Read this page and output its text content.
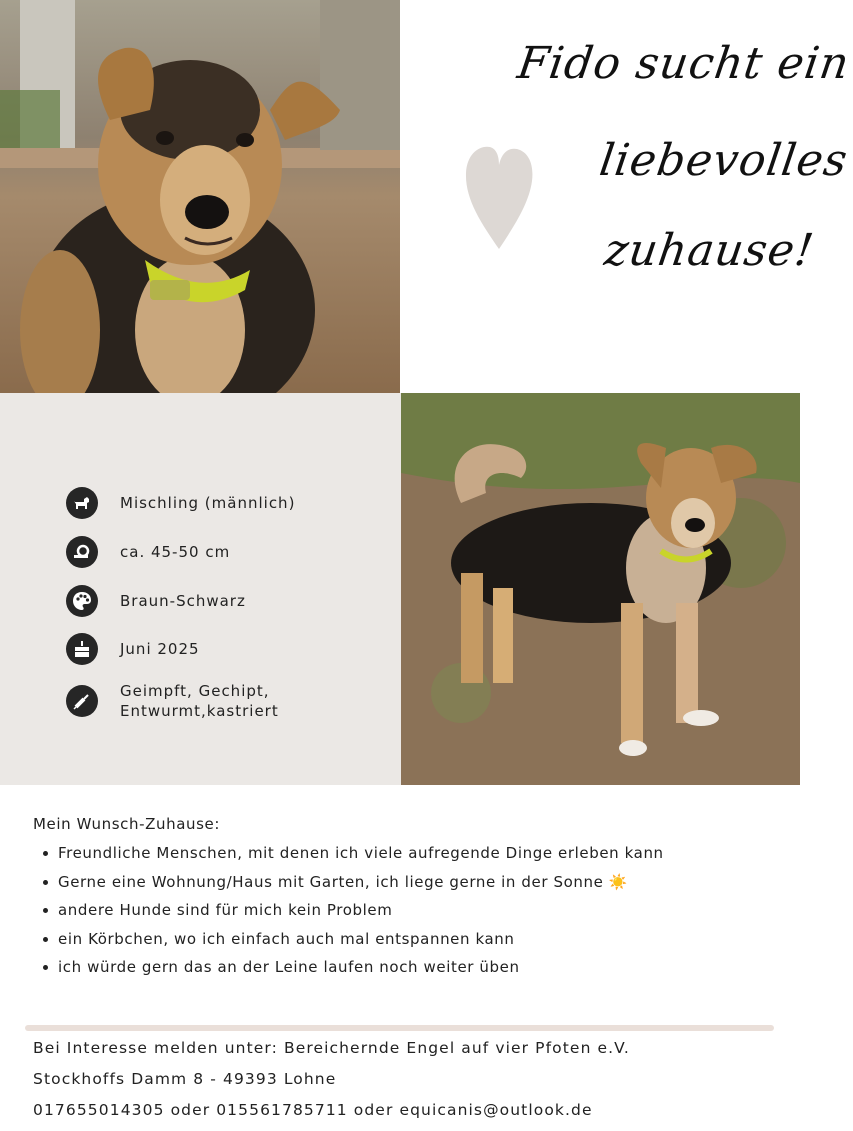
Fido sucht ein
liebevolles
zuhause!
Mischling (männlich)
ca. 45-50 cm
Braun-Schwarz
Juni 2025
Geimpft, Gechipt,
Entwurmt,kastriert
Mein Wunsch-Zuhause:
Freundliche Menschen, mit denen ich viele aufregende Dinge erleben kann
Gerne eine Wohnung/Haus mit Garten, ich liege gerne in der Sonne ☀️
andere Hunde sind für mich kein Problem
ein Körbchen, wo ich einfach auch mal entspannen kann
ich würde gern das an der Leine laufen noch weiter üben
Bei Interesse melden unter: Bereichernde Engel auf vier Pfoten e.V.
Stockhoffs Damm 8 - 49393 Lohne
017655014305 oder 015561785711 oder equicanis@outlook.de
